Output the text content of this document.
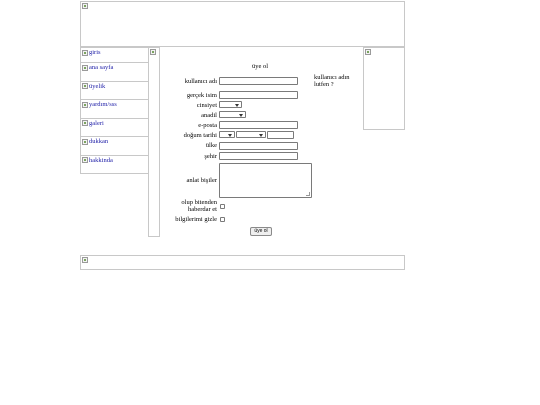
giris
ana sayfa
üyelik
yardım/sss
galeri
dukkan
hakkinda
üye ol
kullanıcı adın lutfen ?
kullanıcı adı
gerçek isim
cinsiyet
anadil
e-posta
doğum tarihi
ülke
şehir
anlat bişiler
olup bitenden
haberdar et
bilgilerimi gizle
üye ol
